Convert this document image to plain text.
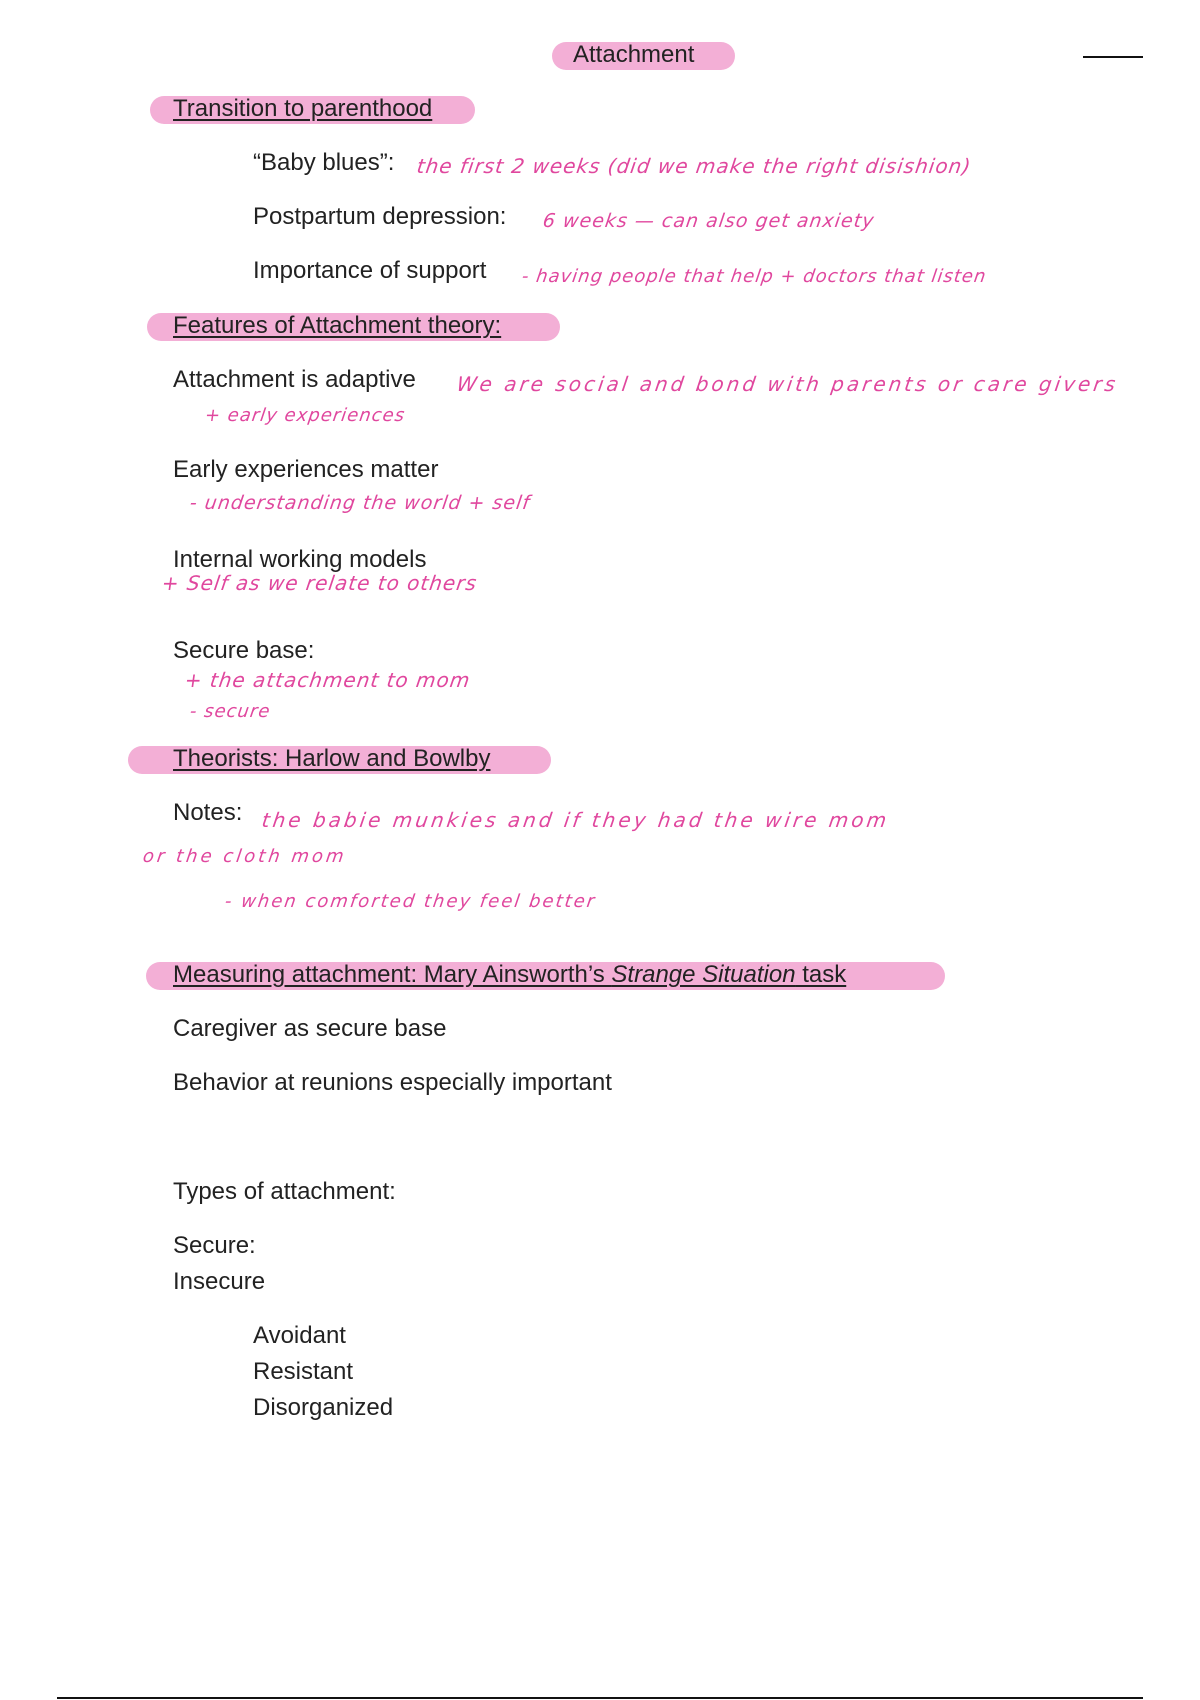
Attachment
Transition to parenthood
“Baby blues”: the first 2 weeks (did we make the right disishion)
Postpartum depression: 6 weeks — can also get anxiety
Importance of support - having people that help + doctors that listen
Features of Attachment theory:
Attachment is adaptive We are social and bond with parents or care givers
+ early experiences
Early experiences matter
- understanding the world + self
Internal working models
+ Self as we relate to others
Secure base:
+ the attachment to mom
- secure
Theorists: Harlow and Bowlby
Notes: the babie munkies and if they had the wire mom
or the cloth mom
- when comforted they feel better
Measuring attachment: Mary Ainsworth’s Strange Situation task
Caregiver as secure base
Behavior at reunions especially important
Types of attachment:
Secure:
Insecure
Avoidant
Resistant
Disorganized
